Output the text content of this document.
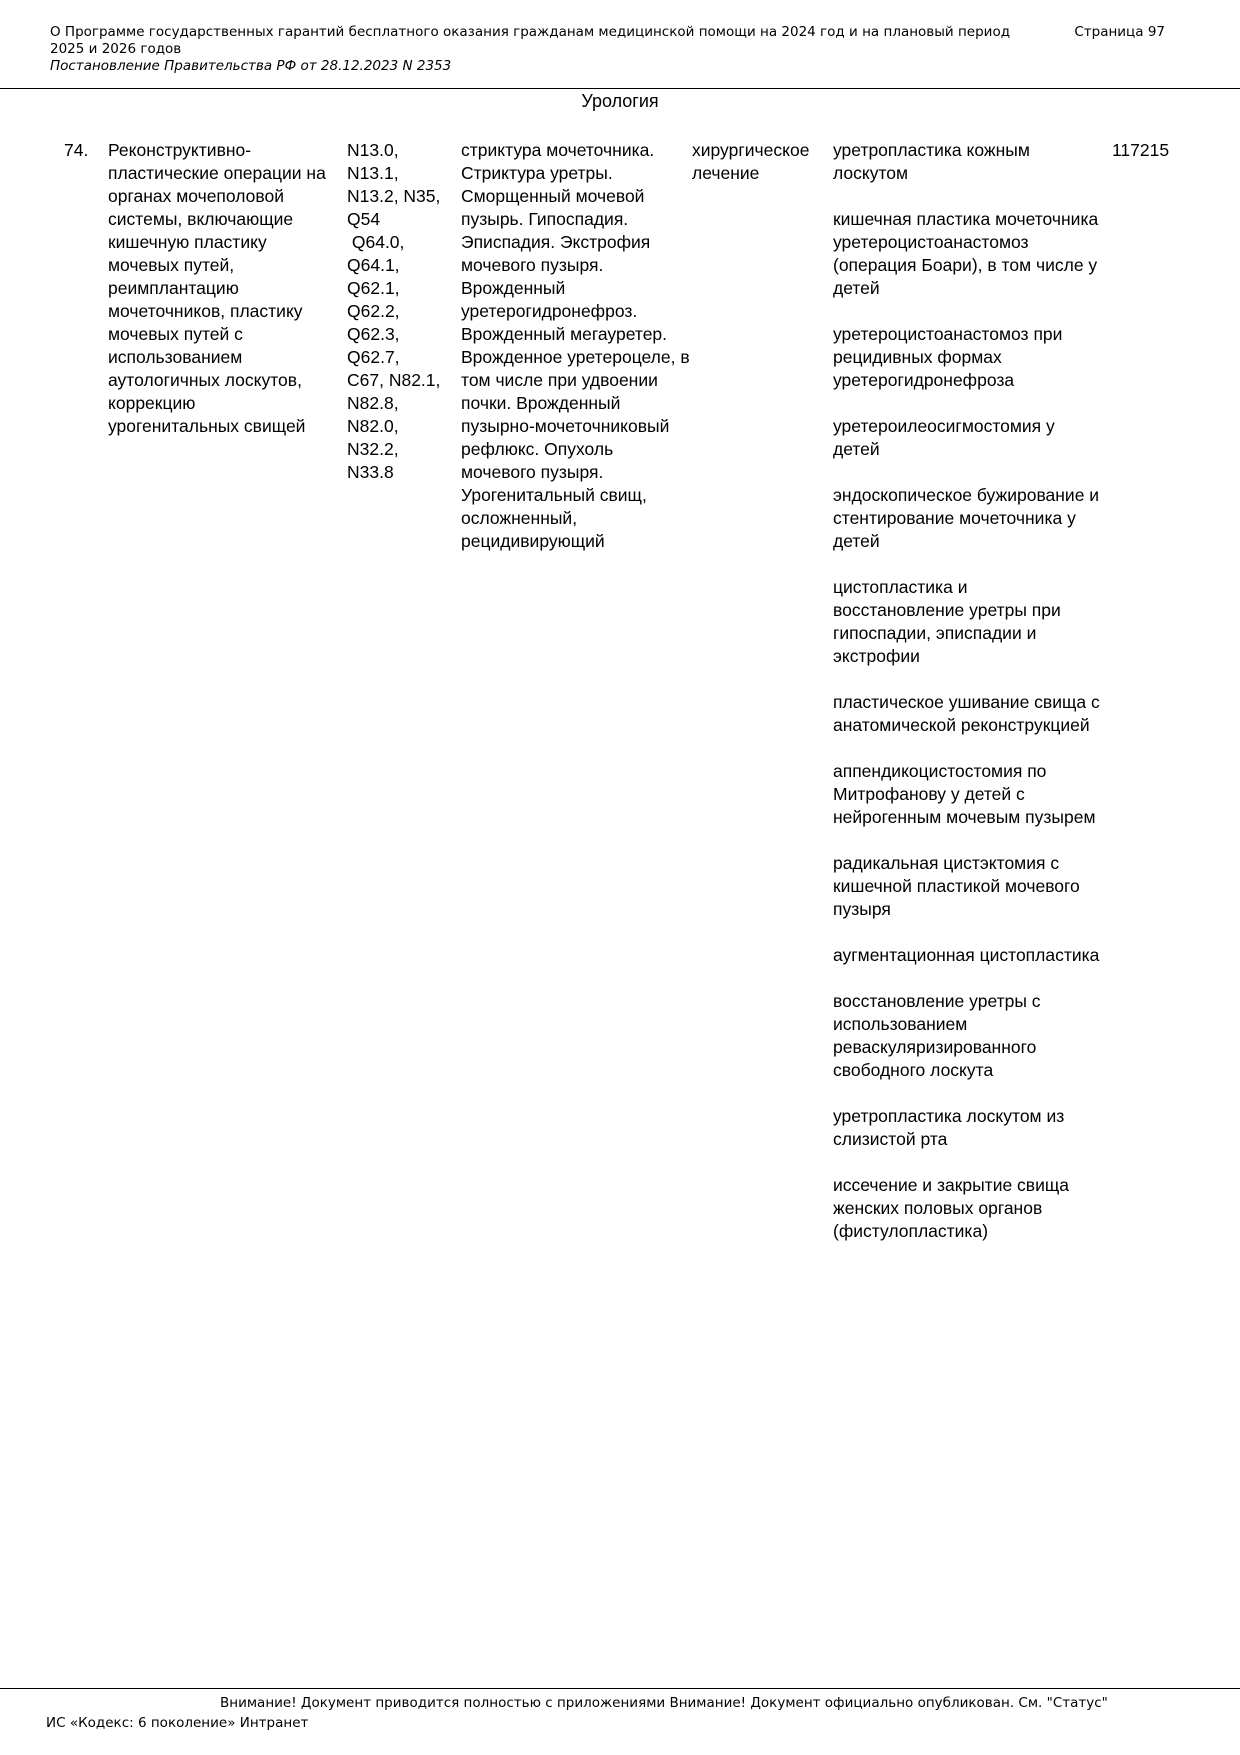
О Программе государственных гарантий бесплатного оказания гражданам медицинской помощи на 2024 год и на плановый период 2025 и 2026 годов
Постановление Правительства РФ от 28.12.2023 N 2353
Страница 97
Урология
74.	Реконструктивно-пластические операции на органах мочеполовой системы, включающие кишечную пластику мочевых путей, реимплантацию мочеточников, пластику мочевых путей с использованием аутологичных лоскутов, коррекцию урогенитальных свищей
N13.0,
N13.1,
N13.2, N35,
Q54
Q64.0,
Q64.1,
Q62.1,
Q62.2,
Q62.3,
Q62.7,
C67, N82.1,
N82.8,
N82.0,
N32.2,
N33.8
стриктура мочеточника. Стриктура уретры. Сморщенный мочевой пузырь. Гипоспадия. Эписпадия. Экстрофия мочевого пузыря. Врожденный уретерогидронефроз. Врожденный мегауретер. Врожденное уретероцеле, в том числе при удвоении почки. Врожденный пузырно-мочеточниковый рефлюкс. Опухоль мочевого пузыря. Урогенитальный свищ, осложненный, рецидивирующий
хирургическое лечение
уретропластика кожным лоскутом
кишечная пластика мочеточника уретероцистоанастомоз (операция Боари), в том числе у детей
уретероцистоанастомоз при рецидивных формах уретерогидронефроза
уретероилеосигмостомия у детей
эндоскопическое бужирование и стентирование мочеточника у детей
цистопластика и восстановление уретры при гипоспадии, эписпадии и экстрофии
пластическое ушивание свища с анатомической реконструкцией
аппендикоцистостомия по Митрофанову у детей с нейрогенным мочевым пузырем
радикальная цистэктомия с кишечной пластикой мочевого пузыря
аугментационная цистопластика
восстановление уретры с использованием реваскуляризированного свободного лоскута
уретропластика лоскутом из слизистой рта
иссечение и закрытие свища женских половых органов (фистулопластика)
117215
Внимание! Документ приводится полностью с приложениями Внимание! Документ официально опубликован. См. "Статус"
ИС «Кодекс: 6 поколение» Интранет
